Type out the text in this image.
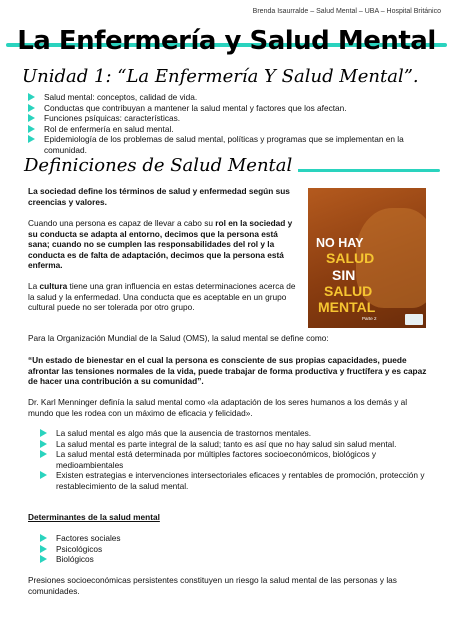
Brenda Isaurralde – Salud Mental – UBA – Hospital Británico
La Enfermería y Salud Mental
Unidad 1: “La Enfermería Y Salud Mental”.
Salud mental: conceptos, calidad de vida.
Conductas que contribuyan a mantener la salud mental y factores que los afectan.
Funciones psíquicas: características.
Rol de enfermería en salud mental.
Epidemiología de los problemas de salud mental, políticas y programas que se implementan en la comunidad.
Definiciones de Salud Mental
La sociedad define los términos de salud y enfermedad según sus creencias y valores.
Cuando una persona es capaz de llevar a cabo su rol en la sociedad y su conducta se adapta al entorno, decimos que la persona está sana; cuando no se cumplen las responsabilidades del rol y la conducta es de falta de adaptación, decimos que la persona está enferma.
La cultura tiene una gran influencia en estas determinaciones acerca de la salud y la enfermedad. Una conducta que es aceptable en un grupo cultural puede no ser tolerada por otro grupo.
NO HAY
SALUD
SIN
SALUD
MENTAL
Parte 2
Para la Organización Mundial de la Salud (OMS), la salud mental se define como:
“Un estado de bienestar en el cual la persona es consciente de sus propias capacidades, puede afrontar las tensiones normales de la vida, puede trabajar de forma productiva y fructífera y es capaz de hacer una contribución a su comunidad”.
Dr. Karl Menninger definía la salud mental como «la adaptación de los seres humanos a los demás y al mundo que les rodea con un máximo de eficacia y felicidad».
La salud mental es algo más que la ausencia de trastornos mentales.
La salud mental es parte integral de la salud; tanto es así que no hay salud sin salud mental.
La salud mental está determinada por múltiples factores socioeconómicos, biológicos y medioambientales
Existen estrategias e intervenciones intersectoriales eficaces y rentables de promoción, protección y restablecimiento de la salud mental.
Determinantes de la salud mental
Factores sociales
Psicológicos
Biológicos
Presiones socioeconómicas persistentes constituyen un riesgo la salud mental de las personas y las comunidades.
